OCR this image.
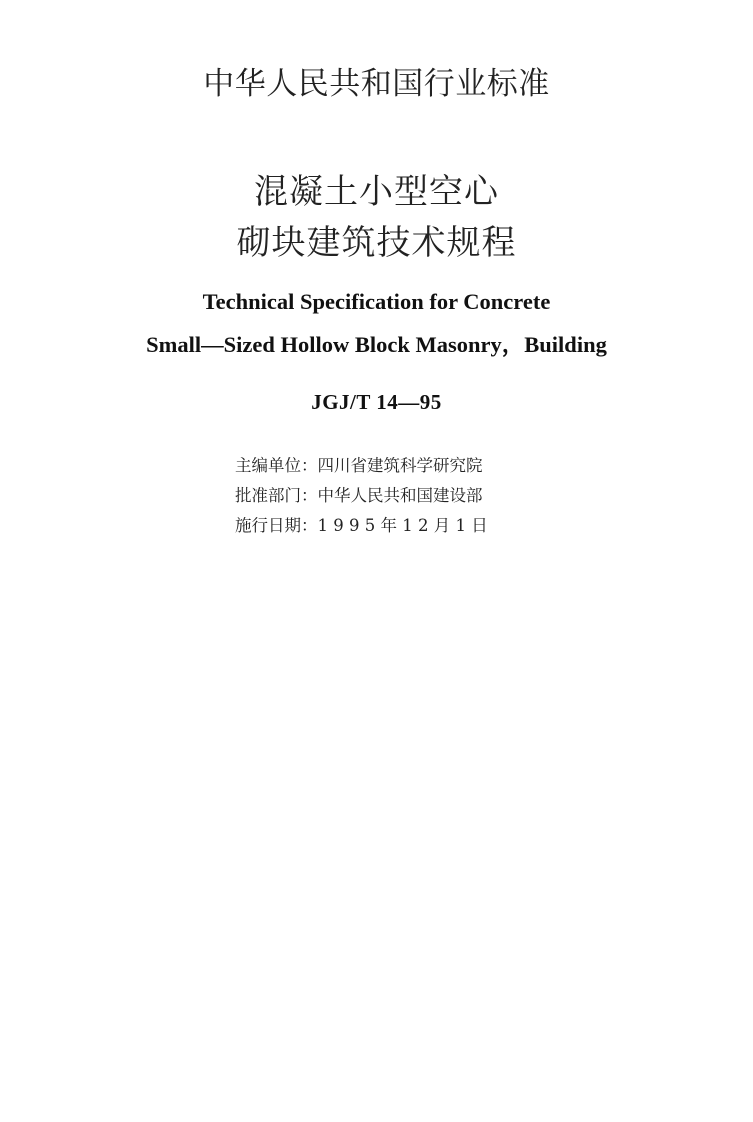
中华人民共和国行业标准
混凝土小型空心
砌块建筑技术规程
Technical Specification for Concrete
Small—Sized Hollow Block Masonry，Building
JGJ/T 14—95
主编单位：四川省建筑科学研究院
批准部门：中华人民共和国建设部
施行日期：1 9 9 5 年 1 2 月 1 日
